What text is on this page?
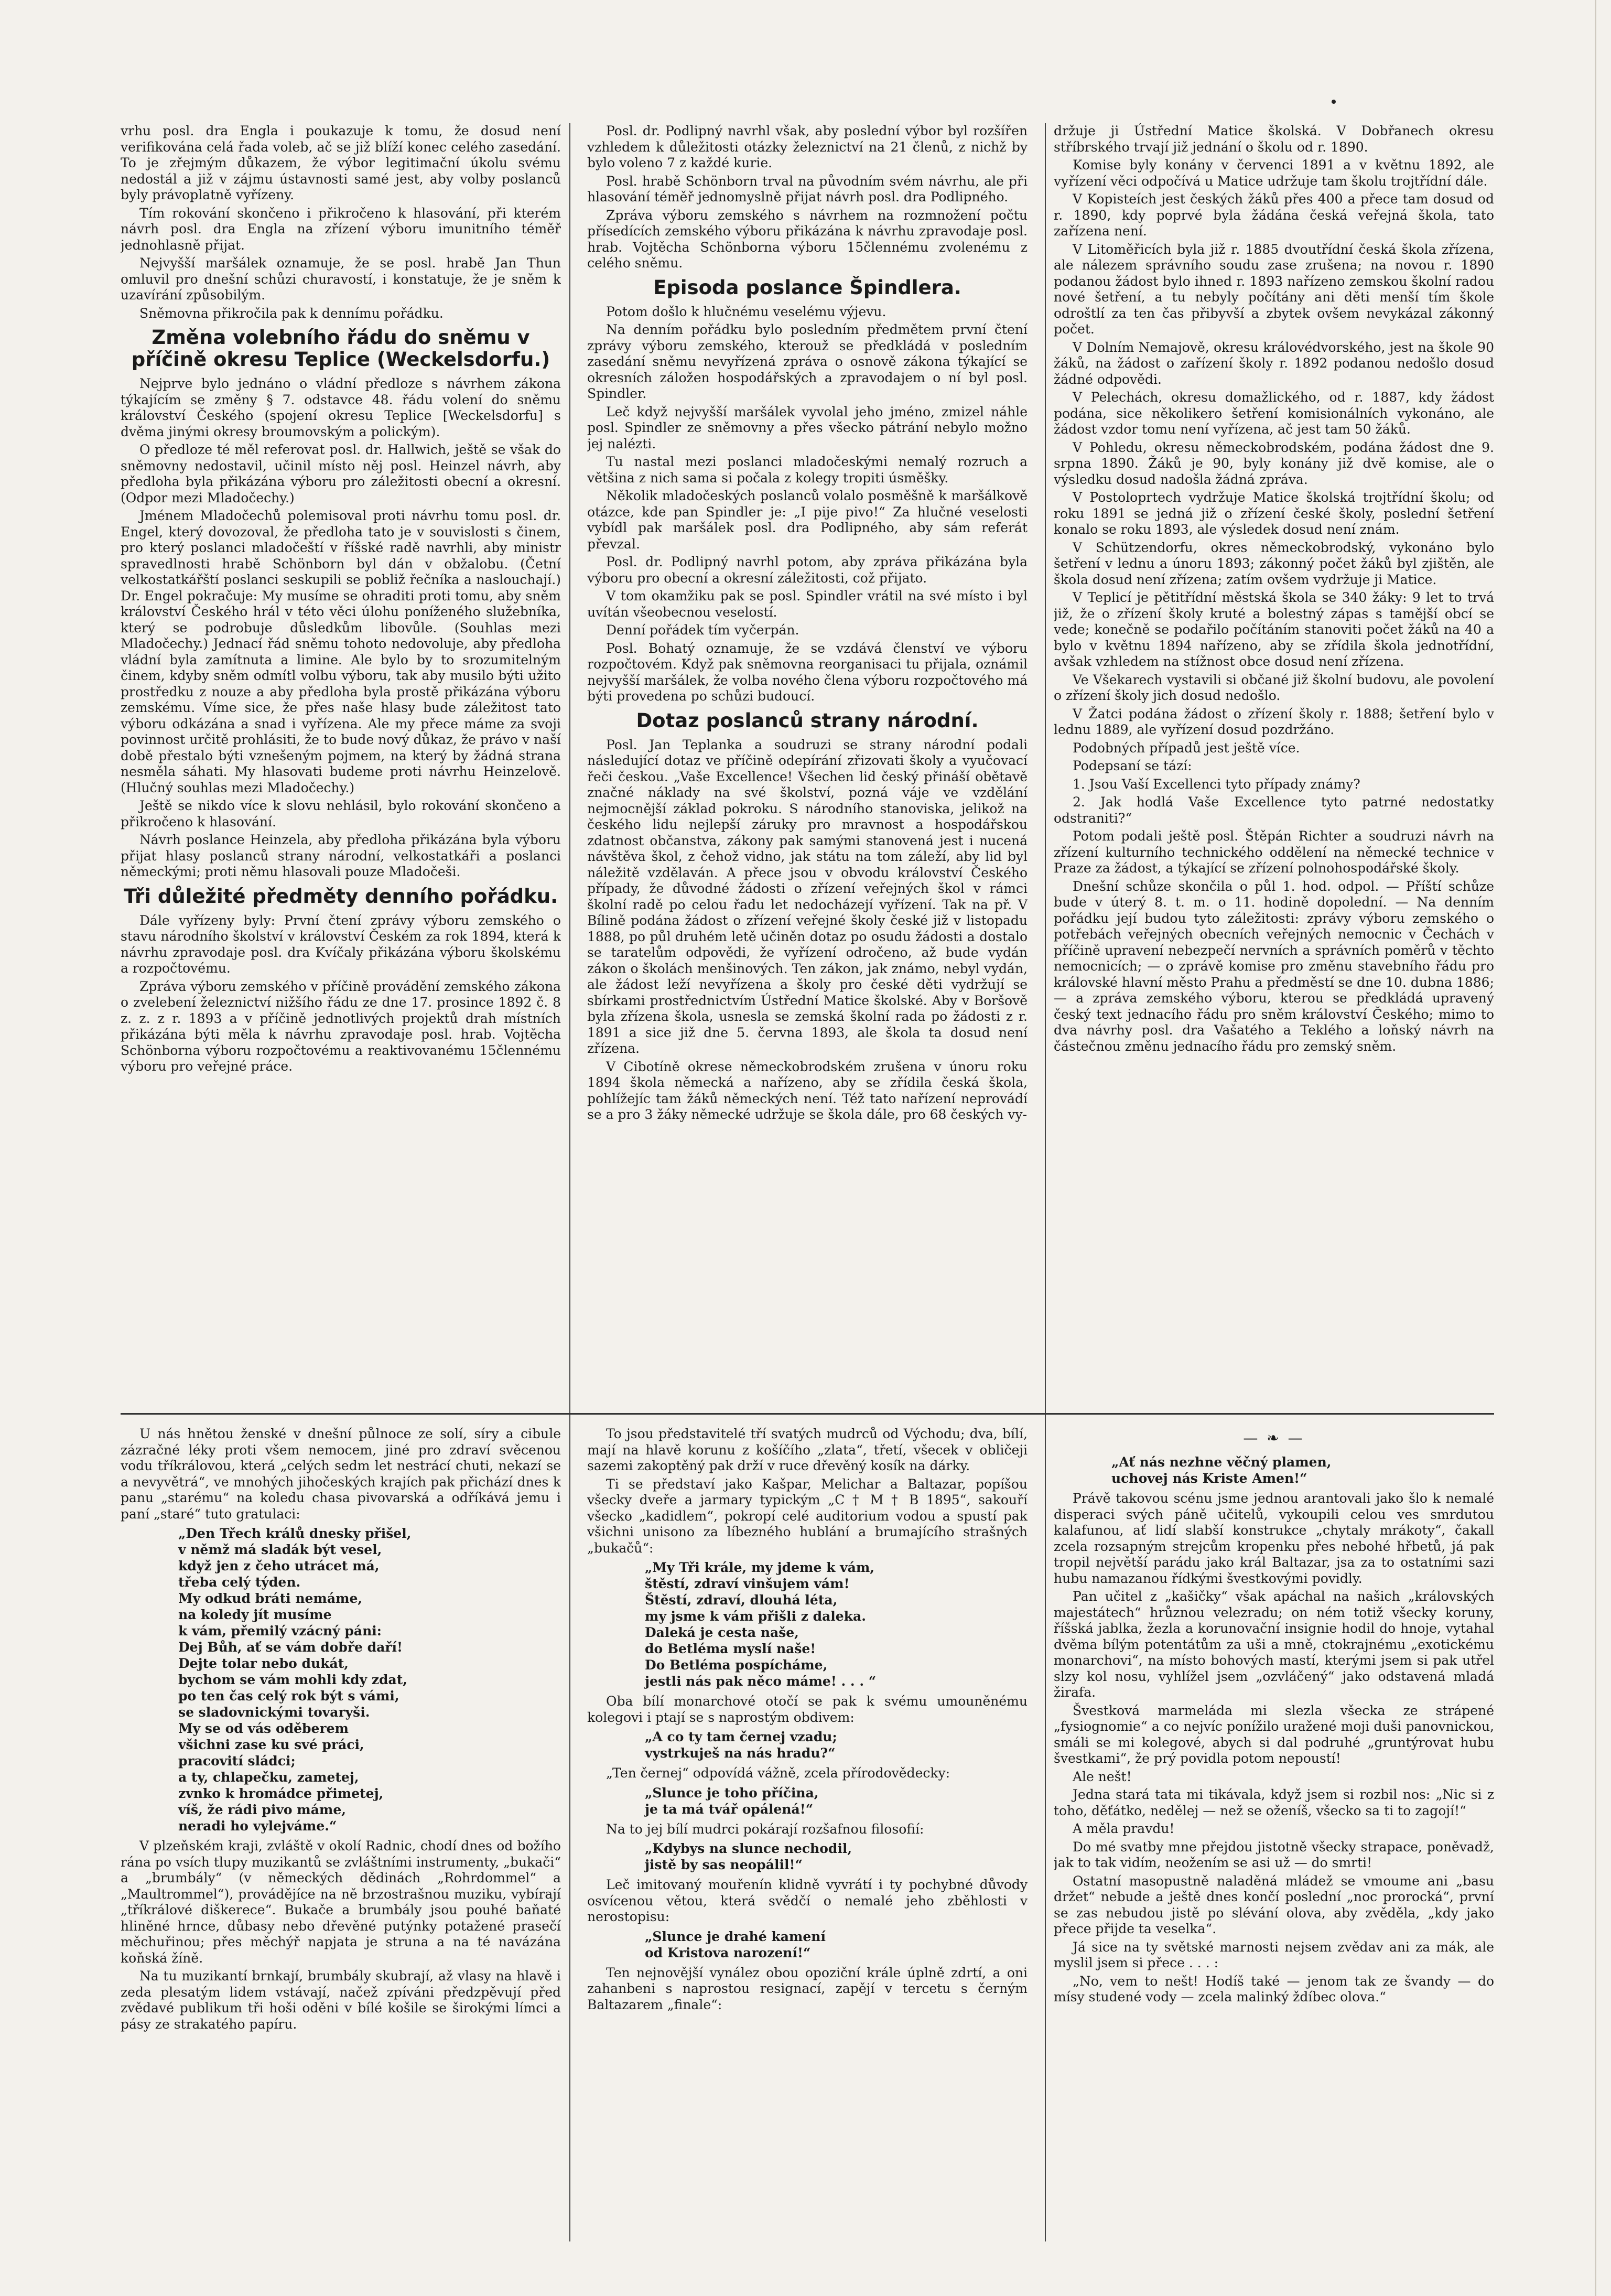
vrhu posl. dra Engla i poukazuje k tomu, že dosud není verifikována celá řada voleb, ač se již blíží konec celého zasedání. To je zřejmým důkazem, že výbor legitimační úkolu svému nedostál a již v zájmu ústavnosti samé jest, aby volby poslanců byly právoplatně vyřízeny.

Tím rokování skončeno i přikročeno k hlasování, při kterém návrh posl. dra Engla na zřízení výboru imunitního téměř jednohlasně přijat.

Nejvyšší maršálek oznamuje, že se posl. hrabě Jan Thun omluvil pro dnešní schůzi churavostí, i konstatuje, že je sněm k uzavírání způsobilým.

Sněmovna přikročila pak k dennímu pořádku.

Změna volebního řádu do sněmu v příčině okresu Teplice (Weckelsdorfu.)

Nejprve bylo jednáno o vládní předloze s návrhem zákona týkajícím se změny § 7. odstavce 48. řádu volení do sněmu království Českého (spojení okresu Teplice [Weckelsdorfu] s dvěma jinými okresy broumovským a polickým).

O předloze té měl referovat posl. dr. Hallwich, ještě se však do sněmovny nedostavil, učinil místo něj posl. Heinzel návrh, aby předloha byla přikázána výboru pro záležitosti obecní a okresní. (Odpor mezi Mladočechy.)

Jménem Mladočechů polemisoval proti návrhu tomu posl. dr. Engel, který dovozoval, že předloha tato je v souvislosti s činem, pro který poslanci mladočeští v říšské radě navrhli, aby ministr spravedlnosti hrabě Schönborn byl dán v obžalobu. (Četní velkostatkářští poslanci seskupili se pobliž řečníka a naslouchají.) Dr. Engel pokračuje: My musíme se ohraditi proti tomu, aby sněm království Českého hrál v této věci úlohu poníženého služebníka, který se podrobuje důsledkům libovůle. (Souhlas mezi Mladočechy.) Jednací řád sněmu tohoto nedovoluje, aby předloha vládní byla zamítnuta a limine. Ale bylo by to srozumitelným činem, kdyby sněm odmítl volbu výboru, tak aby musilo býti užito prostředku z nouze a aby předloha byla prostě přikázána výboru zemskému. Víme sice, že přes naše hlasy bude záležitost tato výboru odkázána a snad i vyřízena. Ale my přece máme za svoji povinnost určitě prohlásiti, že to bude nový důkaz, že právo v naší době přestalo býti vznešeným pojmem, na který by žádná strana nesměla sáhati. My hlasovati budeme proti návrhu Heinzelově. (Hlučný souhlas mezi Mladočechy.)

Ještě se nikdo více k slovu nehlásil, bylo rokování skončeno a přikročeno k hlasování.

Návrh poslance Heinzela, aby předloha přikázána byla výboru přijat hlasy poslanců strany národní, velkostatkáři a poslanci německými; proti němu hlasovali pouze Mladočeši.

Tři důležité předměty denního pořádku.

Dále vyřízeny byly: První čtení zprávy výboru zemského o stavu národního školství v království Českém za rok 1894, která k návrhu zpravodaje posl. dra Kvíčaly přikázána výboru školskému a rozpočtovému.

Zpráva výboru zemského v příčině provádění zemského zákona o zvelebení železnictví nižšího řádu ze dne 17. prosince 1892 č. 8 z. z. z r. 1893 a v příčině jednotlivých projektů drah místních přikázána býti měla k návrhu zpravodaje posl. hrab. Vojtěcha Schönborna výboru rozpočtovému a reaktivovanému 15člennému výboru pro veřejné práce.

Posl. dr. Podlipný navrhl však, aby poslední výbor byl rozšířen vzhledem k důležitosti otázky železnictví na 21 členů, z nichž by bylo voleno 7 z každé kurie.

Posl. hrabě Schönborn trval na původním svém návrhu, ale při hlasování téměř jednomyslně přijat návrh posl. dra Podlipného.

Zpráva výboru zemského s návrhem na rozmnožení počtu přísedících zemského výboru přikázána k návrhu zpravodaje posl. hrab. Vojtěcha Schönborna výboru 15člennému zvolenému z celého sněmu.

Episoda poslance Špindlera.

Potom došlo k hlučnému veselému výjevu.

Na denním pořádku bylo posledním předmětem první čtení zprávy výboru zemského, kterouž se předkládá v posledním zasedání sněmu nevyřízená zpráva o osnově zákona týkající se okresních záložen hospodářských a zpravodajem o ní byl posl. Spindler.

Leč když nejvyšší maršálek vyvolal jeho jméno, zmizel náhle posl. Spindler ze sněmovny a přes všecko pátrání nebylo možno jej nalézti.

Tu nastal mezi poslanci mladočeskými nemalý rozruch a většina z nich sama si počala z kolegy tropiti úsměšky.

Několik mladočeských poslanců volalo posměšně k maršálkově otázce, kde pan Spindler je: „I pije pivo!“ Za hlučné veselosti vybídl pak maršálek posl. dra Podlipného, aby sám referát převzal.

Posl. dr. Podlipný navrhl potom, aby zpráva přikázána byla výboru pro obecní a okresní záležitosti, což přijato.

V tom okamžiku pak se posl. Spindler vrátil na své místo i byl uvítán všeobecnou veselostí.

Denní pořádek tím vyčerpán.

Posl. Bohatý oznamuje, že se vzdává členství ve výboru rozpočtovém. Když pak sněmovna reorganisaci tu přijala, oznámil nejvyšší maršálek, že volba nového člena výboru rozpočtového má býti provedena po schůzi budoucí.

Dotaz poslanců strany národní.

Posl. Jan Teplanka a soudruzi se strany národní podali následující dotaz ve příčině odepírání zřizovati školy a vyučovací řeči českou. „Vaše Excellence! Všechen lid český přináší obětavě značné náklady na své školství, pozná váje ve vzdělání nejmocnější základ pokroku. S národního stanoviska, jelikož na českého lidu nejlepší záruky pro mravnost a hospodářskou zdatnost občanstva, zákony pak samými stanovená jest i nucená návštěva škol, z čehož vidno, jak státu na tom záleží, aby lid byl náležitě vzdělaván. A přece jsou v obvodu království Českého případy, že důvodné žádosti o zřízení veřejných škol v rámci školní radě po celou řadu let nedocházejí vyřízení. Tak na př. V Bílině podána žádost o zřízení veřejné školy české již v listopadu 1888, po půl druhém letě učiněn dotaz po osudu žádosti a dostalo se taratelům odpovědi, že vyřízení odročeno, až bude vydán zákon o školách menšinových. Ten zákon, jak známo, nebyl vydán, ale žádost leží nevyřízena a školy pro české děti vydržují se sbírkami prostřednictvím Ústřední Matice školské. Aby v Boršově byla zřízena škola, usnesla se zemská školní rada po žádosti z r. 1891 a sice již dne 5. června 1893, ale škola ta dosud není zřízena.

V Cibotíně okrese německobrodském zrušena v únoru roku 1894 škola německá a nařízeno, aby se zřídila česká škola, pohlížejíc tam žáků německých není. Též tato nařízení neprovádí se a pro 3 žáky německé udržuje se škola dále, pro 68 českých vy-

držuje ji Ústřední Matice školská. V Dobřanech okresu stříbrského trvají již jednání o školu od r. 1890.

Komise byly konány v červenci 1891 a v květnu 1892, ale vyřízení věci odpočívá u Matice udržuje tam školu trojtřídní dále.

V Kopisteích jest českých žáků přes 400 a přece tam dosud od r. 1890, kdy poprvé byla žádána česká veřejná škola, tato zařízena není.

V Litoměřicích byla již r. 1885 dvoutřídní česká škola zřízena, ale nálezem správního soudu zase zrušena; na novou r. 1890 podanou žádost bylo ihned r. 1893 nařízeno zemskou školní radou nové šetření, a tu nebyly počítány ani děti menší tím škole odroštlí za ten čas přibyvší a zbytek ovšem nevykázal zákonný počet.

V Dolním Nemajově, okresu královédvorského, jest na škole 90 žáků, na žádost o zařízení školy r. 1892 podanou nedošlo dosud žádné odpovědi.

V Pelechách, okresu domažlického, od r. 1887, kdy žádost podána, sice několikero šetření komisionálních vykonáno, ale žádost vzdor tomu není vyřízena, ač jest tam 50 žáků.

V Pohledu, okresu německobrodském, podána žádost dne 9. srpna 1890. Žáků je 90, byly konány již dvě komise, ale o výsledku dosud nadošla žádná zpráva.

V Postoloprtech vydržuje Matice školská trojtřídní školu; od roku 1891 se jedná již o zřízení české školy, poslední šetření konalo se roku 1893, ale výsledek dosud není znám.

V Schützendorfu, okres německobrodský, vykonáno bylo šetření v lednu a únoru 1893; zákonný počet žáků byl zjištěn, ale škola dosud není zřízena; zatím ovšem vydržuje ji Matice.

V Teplicí je pětitřídní městská škola se 340 žáky: 9 let to trvá již, že o zřízení školy kruté a bolestný zápas s tamější obcí se vede; konečně se podařilo počítáním stanoviti počet žáků na 40 a bylo v květnu 1894 nařízeno, aby se zřídila škola jednotřídní, avšak vzhledem na stížnost obce dosud není zřízena.

Ve Všekarech vystavili si občané již školní budovu, ale povolení o zřízení školy jich dosud nedošlo.

V Žatci podána žádost o zřízení školy r. 1888; šetření bylo v lednu 1889, ale vyřízení dosud pozdržáno.

Podobných případů jest ještě více.

Podepsaní se tází:

1. Jsou Vaší Excellenci tyto případy známy?

2. Jak hodlá Vaše Excellence tyto patrné nedostatky odstraniti?“

Potom podali ještě posl. Štěpán Richter a soudruzi návrh na zřízení kulturního technického oddělení na německé technice v Praze za žádost, a týkající se zřízení polnohospodářské školy.

Dnešní schůze skončila o půl 1. hod. odpol. — Příští schůze bude v úterý 8. t. m. o 11. hodině dopolední. — Na denním pořádku její budou tyto záležitosti: zprávy výboru zemského o potřebách veřejných obecních veřejných nemocnic v Čechách v příčině upravení nebezpečí nervních a správních poměrů v těchto nemocnicích; — o zprávě komise pro změnu stavebního řádu pro královské hlavní město Prahu a předměstí se dne 10. dubna 1886; — a zpráva zemského výboru, kterou se předkládá upravený český text jednacího řádu pro sněm království Českého; mimo to dva návrhy posl. dra Vašatého a Teklého a loňský návrh na částečnou změnu jednacího řádu pro zemský sněm.

U nás hnětou ženské v dnešní půlnoce ze solí, síry a cibule zázračné léky proti všem nemocem, jiné pro zdraví svěcenou vodu tříkrálovou, která „celých sedm let nestrácí chuti, nekazí se a nevyvětrá“, ve mnohých jihočeských krajích pak přichází dnes k panu „starému“ na koledu chasa pivovarská a odříkává jemu i paní „staré“ tuto gratulaci:

„Den Třech králů dnesky přišel,
v němž má sladák být vesel,
když jen z čeho utrácet má,
třeba celý týden.
My odkud bráti nemáme,
na koledy jít musíme
k vám, přemilý vzácný páni:
Dej Bůh, ať se vám dobře daří!
Dejte tolar nebo dukát,
bychom se vám mohli kdy zdat,
po ten čas celý rok být s vámi,
se sladovnickými tovaryši.
My se od vás oděberem
všichni zase ku své práci,
pracovití sládci;
a ty, chlapečku, zametej,
zvnko k hromádce přimetej,
víš, že rádi pivo máme,
neradi ho vylejváme.“

V plzeňském kraji, zvláště v okolí Radnic, chodí dnes od božího rána po vsích tlupy muzikantů se zvláštními instrumenty, „bukači“ a „brumbály“ (v německých dědinách „Rohrdommel“ a „Maultrommel“), provádějíce na ně brzostrašnou muziku, vybírají „tříkrálové diškerece“. Bukače a brumbály jsou pouhé baňaté hliněné hrnce, důbasy nebo dřevěné putýnky potažené prasečí měchuřinou; přes měchýř napjata je struna a na té navázána koňská žíně.

Na tu muzikantí brnkají, brumbály skubrají, až vlasy na hlavě i zeda plesatým lidem vstávají, načež zpíváni předzpěvují před zvědavé publikum tři hoši oděni v bílé košile se širokými límci a pásy ze strakatého papíru.

To jsou představitelé tří svatých mudrců od Východu; dva, bílí, mají na hlavě korunu z košíčího „zlata“, třetí, všecek v obličeji sazemi zakoptěný pak drží v ruce dřevěný kosík na dárky.

Ti se představí jako Kašpar, Melichar a Baltazar, popíšou všecky dveře a jarmary typickým „C † M † B 1895“, sakouří všecko „kadidlem“, pokropí celé auditorium vodou a spustí pak všichni unisono za líbezného hublání a brumajícího strašných „bukačů“:

„My Tři krále, my jdeme k vám,
štěstí, zdraví vinšujem vám!
Štěstí, zdraví, dlouhá léta,
my jsme k vám přišli z daleka.
Daleká je cesta naše,
do Betléma myslí naše!
Do Betléma pospícháme,
jestli nás pak něco máme! . . . “

Oba bílí monarchové otočí se pak k svému umouněnému kolegovi i ptají se s naprostým obdivem:

„A co ty tam černej vzadu;
vystrkuješ na nás hradu?“

„Ten černej“ odpovídá vážně, zcela přírodovědecky:

„Slunce je toho příčina,
je ta má tvář opálená!“

Na to jej bílí mudrci pokárají rozšafnou filosofií:

„Kdybys na slunce nechodil,
jistě by sas neopálil!“

Leč imitovaný mouřenín klidně vyvrátí i ty pochybné důvody osvícenou větou, která svědčí o nemalé jeho zběhlosti v nerostopisu:

„Slunce je drahé kamení
od Kristova narození!“

Ten nejnovější vynález obou opoziční krále úplně zdrtí, a oni zahanbeni s naprostou resignací, zapějí v tercetu s černým Baltazarem „finale“:

— ❧ —
„Ať nás nezhne věčný plamen,
uchovej nás Kriste Amen!“

Právě takovou scénu jsme jednou arantovali jako šlo k nemalé disperaci svých páně učitelů, vykoupili celou ves smrdutou kalafunou, ať lidí slabší konstrukce „chytaly mrákoty“, čakall zcela rozsapným strejcům kropenku přes nebohé hřbetů, já pak tropil největší parádu jako král Baltazar, jsa za to ostatními sazi hubu namazanou řídkými švestkovými povidly.

Pan učitel z „kašičky“ však apáchal na našich „královských majestátech“ hrůznou velezradu; on ném totiž všecky koruny, říšská jablka, žezla a korunovační insignie hodil do hnoje, vytahal dvěma bílým potentátům za uši a mně, ctokrajnému „exotickému monarchovi“, na místo bohových mastí, kterými jsem si pak utřel slzy kol nosu, vyhlížel jsem „ozvláčený“ jako odstavená mladá žirafa.

Švestková marmeláda mi slezla všecka ze strápené „fysiognomie“ a co nejvíc ponížilo uražené moji duši panovnickou, smáli se mi kolegové, abych si dal podruhé „gruntýrovat hubu švestkami“, že prý povidla potom nepoustí!

Ale nešt!

Jedna stará tata mi tikávala, když jsem si rozbil nos: „Nic si z toho, děťátko, nedělej — než se oženíš, všecko sa ti to zagojí!“

A měla pravdu!

Do mé svatby mne přejdou jistotně všecky strapace, poněvadž, jak to tak vidím, neožením se asi už — do smrti!

Ostatní masopustně naladěná mládež se vmoume ani „basu držet“ nebude a ještě dnes končí poslední „noc prorocká“, první se zas nebudou jistě po slévání olova, aby zvěděla, „kdy jako přece přijde ta veselka“.

Já sice na ty světské marnosti nejsem zvědav ani za mák, ale myslil jsem si přece . . . :

„No, vem to nešt! Hodíš také — jenom tak ze švandy — do mísy studené vody — zcela malinký ždíbec olova.“
